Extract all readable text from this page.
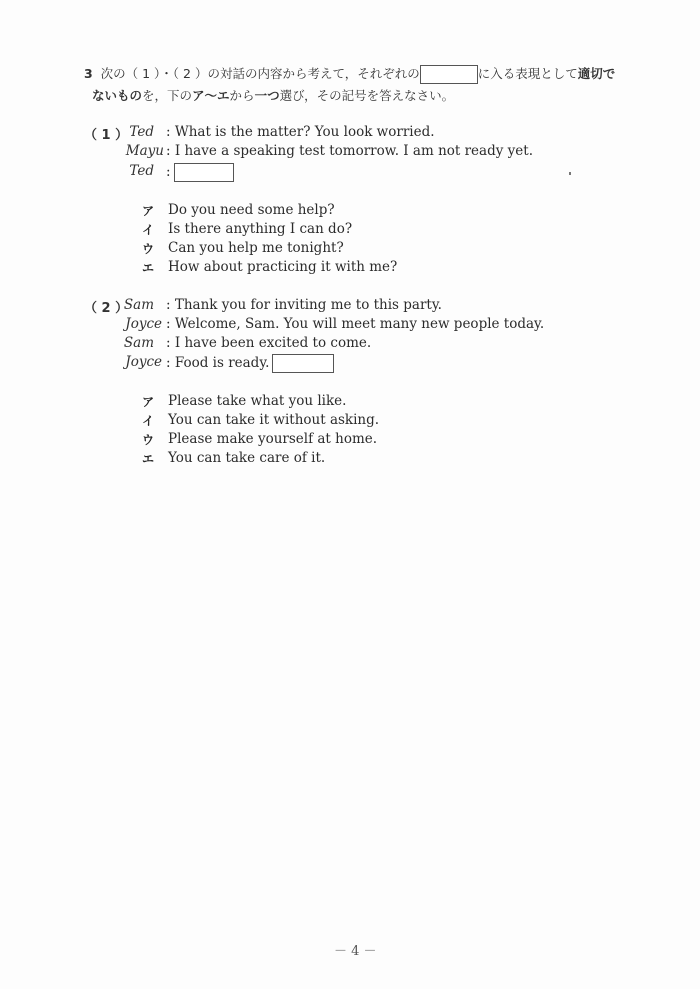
3 次の（ 1 ）・（ 2 ）の対話の内容から考えて，それぞれの	に入る表現として適切で
ないものを，下のア～エから一つ選び，その記号を答えなさい。
（ 1 ） Ted : What is the matter? You look worried.
Mayu : I have a speaking test tomorrow. I am not ready yet.
Ted :
ア Do you need some help?
イ Is there anything I can do?
ウ Can you help me tonight?
エ How about practicing it with me?
（ 2 ）
Sam : Thank you for inviting me to this party.
Joyce : Welcome, Sam. You will meet many new people today.
Sam : I have been excited to come.
Joyce : Food is ready.
ア Please take what you like.
イ You can take it without asking.
ウ Please make yourself at home.
エ You can take care of it.
－ 4 －
